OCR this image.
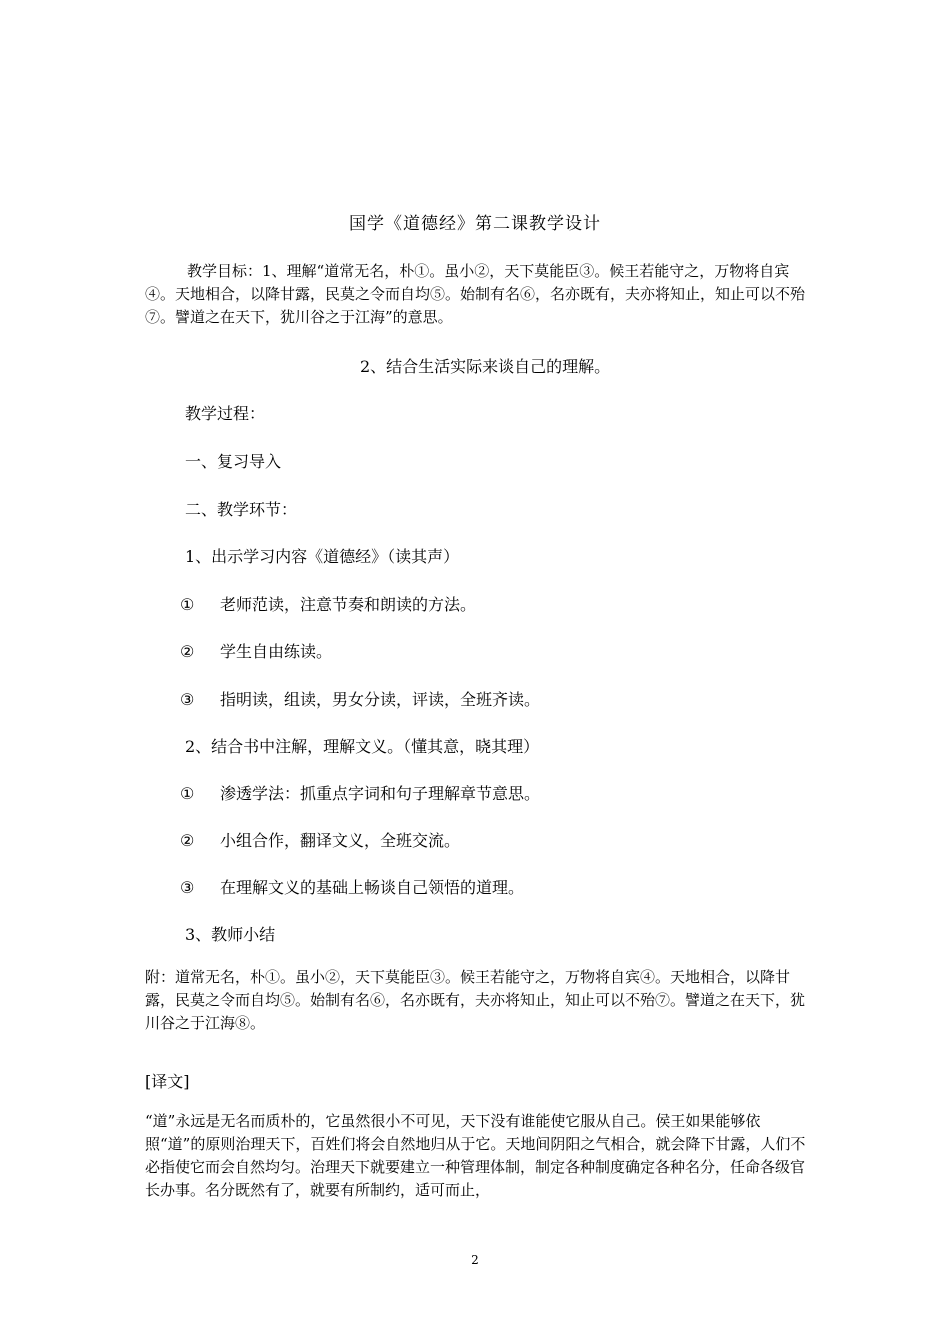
国学《道德经》第二课教学设计
教学目标：1、理解“道常无名，朴①。虽小②，天下莫能臣③。候王若能守之，万物将自宾④。天地相合，以降甘露，民莫之令而自均⑤。始制有名⑥，名亦既有，夫亦将知止，知止可以不殆⑦。譬道之在天下，犹川谷之于江海”的意思。
2、结合生活实际来谈自己的理解。
教学过程：
一、复习导入
二、教学环节：
1、出示学习内容《道德经》（读其声）
① 老师范读，注意节奏和朗读的方法。
② 学生自由练读。
③ 指明读，组读，男女分读，评读，全班齐读。
2、结合书中注解，理解文义。（懂其意，晓其理）
① 渗透学法：抓重点字词和句子理解章节意思。
② 小组合作，翻译文义，全班交流。
③ 在理解文义的基础上畅谈自己领悟的道理。
3、教师小结
附：道常无名，朴①。虽小②，天下莫能臣③。候王若能守之，万物将自宾④。天地相合，以降甘露，民莫之令而自均⑤。始制有名⑥，名亦既有，夫亦将知止，知止可以不殆⑦。譬道之在天下，犹川谷之于江海⑧。
[译文]
“道”永远是无名而质朴的，它虽然很小不可见，天下没有谁能使它服从自己。侯王如果能够依照“道”的原则治理天下，百姓们将会自然地归从于它。天地间阴阳之气相合，就会降下甘露，人们不必指使它而会自然均匀。治理天下就要建立一种管理体制，制定各种制度确定各种名分，任命各级官长办事。名分既然有了，就要有所制约，适可而止，
2
